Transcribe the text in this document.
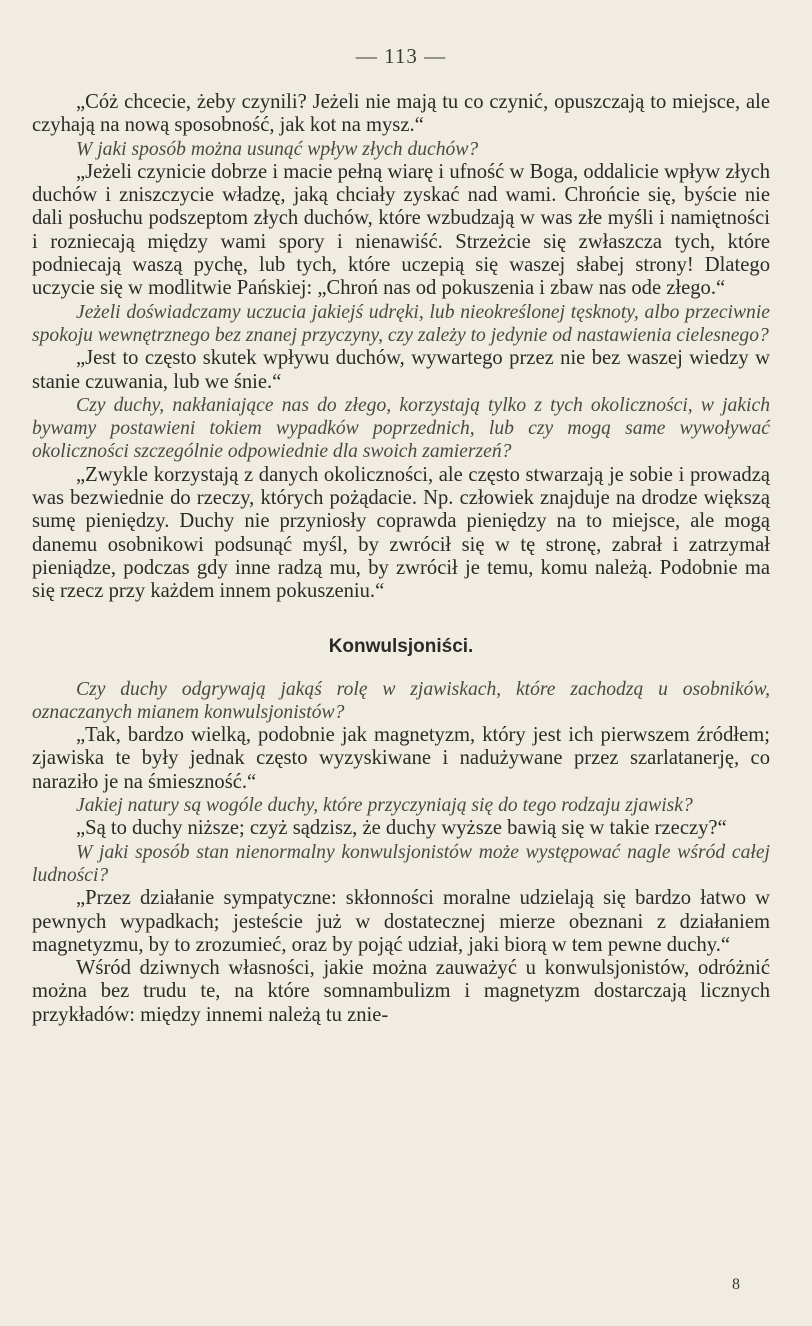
— 113 —

„Cóż chcecie, żeby czynili? Jeżeli nie mają tu co czynić, opuszczają to miejsce, ale czyhają na nową sposobność, jak kot na mysz.“

W jaki sposób można usunąć wpływ złych duchów?

„Jeżeli czynicie dobrze i macie pełną wiarę i ufność w Boga, oddalicie wpływ złych duchów i zniszczycie władzę, jaką chciały zyskać nad wami. Chrońcie się, byście nie dali posłuchu podszeptom złych duchów, które wzbudzają w was złe myśli i namiętności i rozniecają między wami spory i nienawiść. Strzeżcie się zwłaszcza tych, które podniecają waszą pychę, lub tych, które uczepią się waszej słabej strony! Dlatego uczycie się w modlitwie Pańskiej: „Chroń nas od pokuszenia i zbaw nas ode złego.“

Jeżeli doświadczamy uczucia jakiejś udręki, lub nieokreślonej tęsknoty, albo przeciwnie spokoju wewnętrznego bez znanej przyczyny, czy zależy to jedynie od nastawienia cielesnego?

„Jest to często skutek wpływu duchów, wywartego przez nie bez waszej wiedzy w stanie czuwania, lub we śnie.“

Czy duchy, nakłaniające nas do złego, korzystają tylko z tych okoliczności, w jakich bywamy postawieni tokiem wypadków poprzednich, lub czy mogą same wywoływać okoliczności szczególnie odpowiednie dla swoich zamierzeń?

„Zwykle korzystają z danych okoliczności, ale często stwarzają je sobie i prowadzą was bezwiednie do rzeczy, których pożądacie. Np. człowiek znajduje na drodze większą sumę pieniędzy. Duchy nie przyniosły coprawda pieniędzy na to miejsce, ale mogą danemu osobnikowi podsunąć myśl, by zwrócił się w tę stronę, zabrał i zatrzymał pieniądze, podczas gdy inne radzą mu, by zwrócił je temu, komu należą. Podobnie ma się rzecz przy każdem innem pokuszeniu.“

Konwulsjoniści.

Czy duchy odgrywają jakąś rolę w zjawiskach, które zachodzą u osobników, oznaczanych mianem konwulsjonistów?

„Tak, bardzo wielką, podobnie jak magnetyzm, który jest ich pierwszem źródłem; zjawiska te były jednak często wyzyskiwane i nadużywane przez szarlatanerję, co naraziło je na śmieszność.“

Jakiej natury są wogóle duchy, które przyczyniają się do tego rodzaju zjawisk?

„Są to duchy niższe; czyż sądzisz, że duchy wyższe bawią się w takie rzeczy?“

W jaki sposób stan nienormalny konwulsjonistów może występować nagle wśród całej ludności?

„Przez działanie sympatyczne: skłonności moralne udzielają się bardzo łatwo w pewnych wypadkach; jesteście już w dostatecznej mierze obeznani z działaniem magnetyzmu, by to zrozumieć, oraz by pojąć udział, jaki biorą w tem pewne duchy.“

Wśród dziwnych własności, jakie można zauważyć u konwulsjonistów, odróżnić można bez trudu te, na które somnambulizm i magnetyzm dostarczają licznych przykładów: między innemi należą tu znie-

8
